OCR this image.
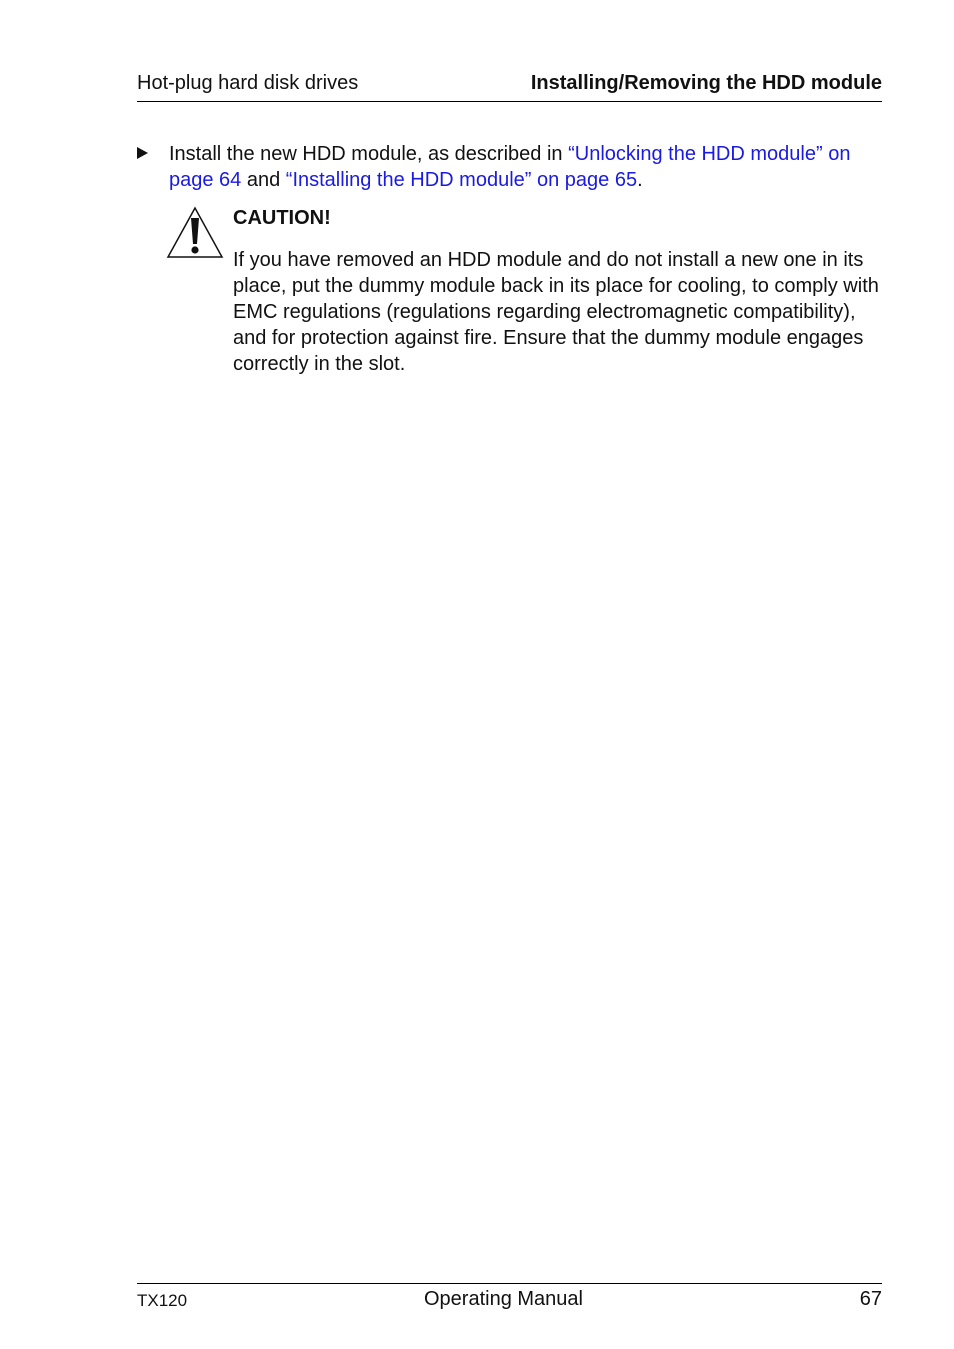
Hot-plug hard disk drives	Installing/Removing the HDD module
Install the new HDD module, as described in “Unlocking the HDD module” on page 64 and “Installing the HDD module” on page 65.
CAUTION!
If you have removed an HDD module and do not install a new one in its place, put the dummy module back in its place for cooling, to comply with EMC regulations (regulations regarding electromagnetic compatibility), and for protection against fire. Ensure that the dummy module engages correctly in the slot.
TX120	Operating Manual	67
